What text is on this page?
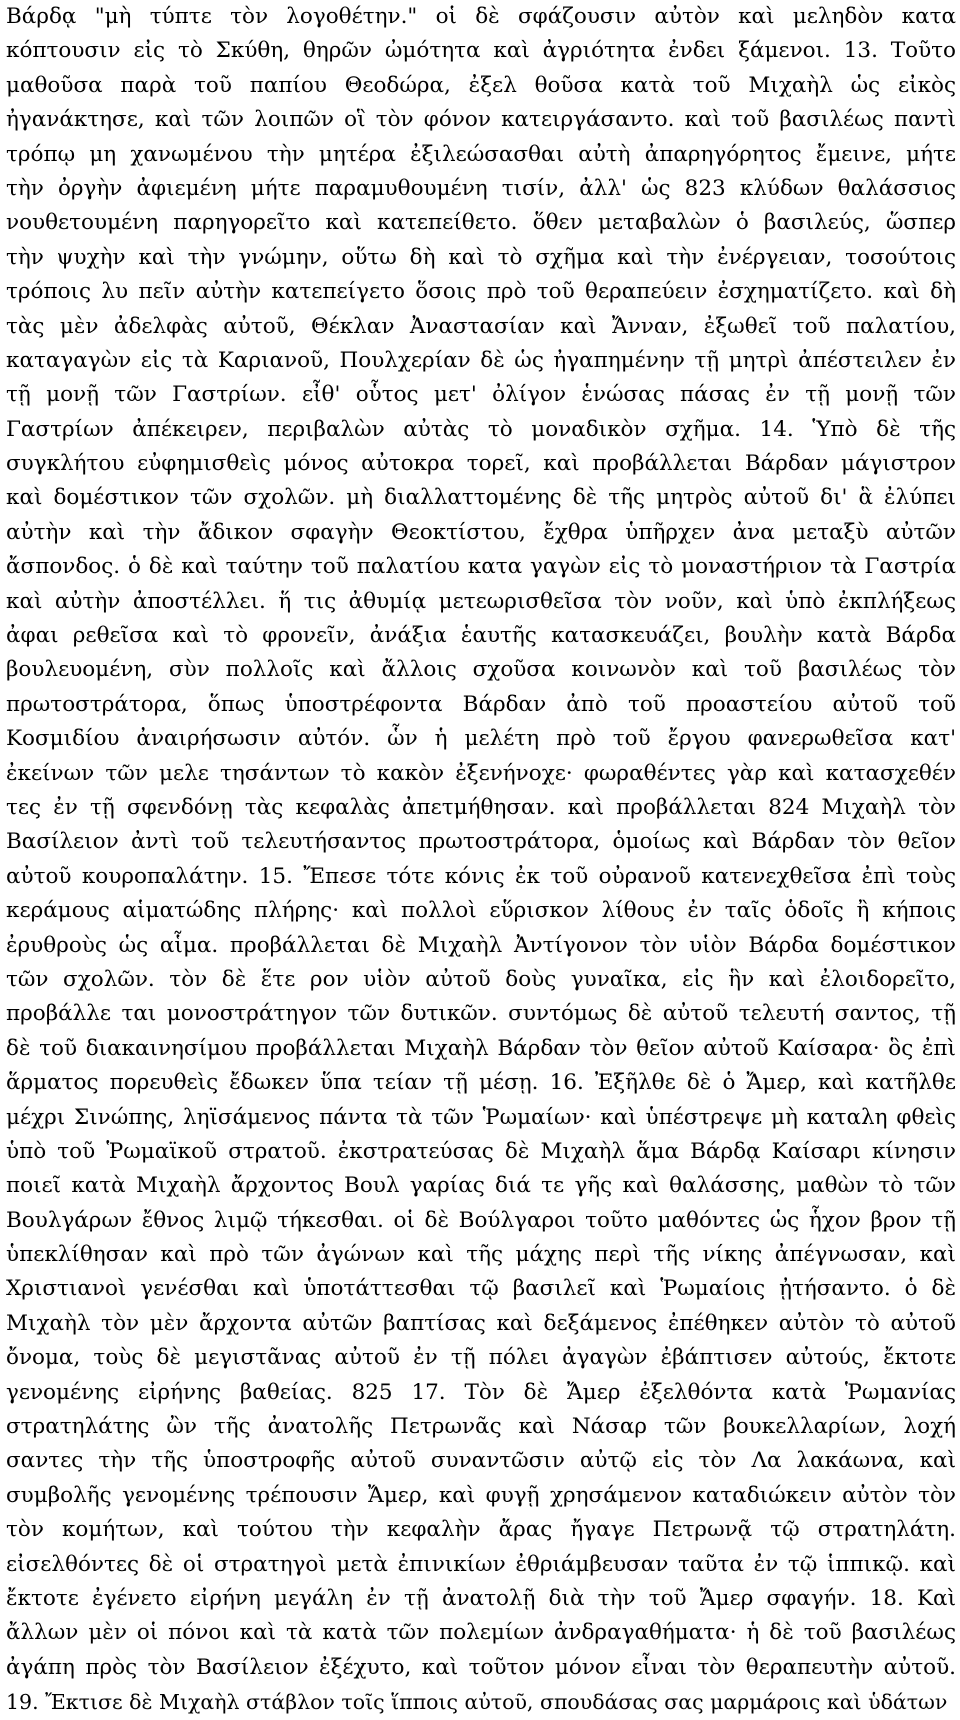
Βάρδᾳ "μὴ τύπτε τὸν λογοθέτην." οἱ δὲ σφάζουσιν αὐτὸν καὶ μεληδὸν κατα
κόπτουσιν εἰς τὸ Σκύθη, θηρῶν ὠμότητα καὶ ἀγριότητα ἐνδει ξάμενοι. 13. Τοῦτο
μαθοῦσα παρὰ τοῦ παπίου Θεοδώρα, ἐξελ θοῦσα κατὰ τοῦ Μιχαὴλ ὡς εἰκὸς
ἠγανάκτησε, καὶ τῶν λοιπῶν οἳ τὸν φόνον κατειργάσαντο. καὶ τοῦ βασιλέως παντὶ
τρόπῳ μη χανωμένου τὴν μητέρα ἐξιλεώσασθαι αὐτὴ ἀπαρηγόρητος ἔμεινε, μήτε
τὴν ὀργὴν ἀφιεμένη μήτε παραμυθουμένη τισίν, ἀλλ' ὡς 823 κλύδων θαλάσσιος
νουθετουμένη παρηγορεῖτο καὶ κατεπείθετο. ὅθεν μεταβαλὼν ὁ βασιλεύς, ὥσπερ
τὴν ψυχὴν καὶ τὴν γνώμην, οὕτω δὴ καὶ τὸ σχῆμα καὶ τὴν ἐνέργειαν, τοσούτοις
τρόποις λυ πεῖν αὐτὴν κατεπείγετο ὅσοις πρὸ τοῦ θεραπεύειν ἐσχηματίζετο. καὶ δὴ
τὰς μὲν ἀδελφὰς αὐτοῦ, Θέκλαν Ἀναστασίαν καὶ Ἄνναν, ἐξωθεῖ τοῦ παλατίου,
καταγαγὼν εἰς τὰ Καριανοῦ, Πουλχερίαν δὲ ὡς ἠγαπημένην τῇ μητρὶ ἀπέστειλεν ἐν
τῇ μονῇ τῶν Γαστρίων. εἶθ' οὗτος μετ' ὀλίγον ἑνώσας πάσας ἐν τῇ μονῇ τῶν
Γαστρίων ἀπέκειρεν, περιβαλὼν αὐτὰς τὸ μοναδικὸν σχῆμα. 14. Ὑπὸ δὲ τῆς
συγκλήτου εὐφημισθεὶς μόνος αὐτοκρα τορεῖ, καὶ προβάλλεται Βάρδαν μάγιστρον
καὶ δομέστικον τῶν σχολῶν. μὴ διαλλαττομένης δὲ τῆς μητρὸς αὐτοῦ δι' ἃ ἐλύπει
αὐτὴν καὶ τὴν ἄδικον σφαγὴν Θεοκτίστου, ἔχθρα ὑπῆρχεν ἀνα μεταξὺ αὐτῶν
ἄσπονδος. ὁ δὲ καὶ ταύτην τοῦ παλατίου κατα γαγὼν εἰς τὸ μοναστήριον τὰ Γαστρία
καὶ αὐτὴν ἀποστέλλει. ἥ τις ἀθυμίᾳ μετεωρισθεῖσα τὸν νοῦν, καὶ ὑπὸ ἐκπλήξεως
ἀφαι ρεθεῖσα καὶ τὸ φρονεῖν, ἀνάξια ἑαυτῆς κατασκευάζει, βουλὴν κατὰ Βάρδα
βουλευομένη, σὺν πολλοῖς καὶ ἄλλοις σχοῦσα κοινωνὸν καὶ τοῦ βασιλέως τὸν
πρωτοστράτορα, ὅπως ὑποστρέφοντα Βάρδαν ἀπὸ τοῦ προαστείου αὐτοῦ τοῦ
Κοσμιδίου ἀναιρήσωσιν αὐτόν. ὧν ἡ μελέτη πρὸ τοῦ ἔργου φανερωθεῖσα κατ'
ἐκείνων τῶν μελε τησάντων τὸ κακὸν ἐξενήνοχε· φωραθέντες γὰρ καὶ κατασχεθέν
τες ἐν τῇ σφενδόνῃ τὰς κεφαλὰς ἀπετμήθησαν. καὶ προβάλλεται 824 Μιχαὴλ τὸν
Βασίλειον ἀντὶ τοῦ τελευτήσαντος πρωτοστράτορα, ὁμοίως καὶ Βάρδαν τὸν θεῖον
αὐτοῦ κουροπαλάτην. 15. Ἔπεσε τότε κόνις ἐκ τοῦ οὐρανοῦ κατενεχθεῖσα ἐπὶ τοὺς
κεράμους αἱματώδης πλήρης· καὶ πολλοὶ εὕρισκον λίθους ἐν ταῖς ὁδοῖς ἢ κήποις
ἐρυθροὺς ὡς αἷμα. προβάλλεται δὲ Μιχαὴλ Ἀντίγονον τὸν υἱὸν Βάρδα δομέστικον
τῶν σχολῶν. τὸν δὲ ἕτε ρον υἱὸν αὐτοῦ δοὺς γυναῖκα, εἰς ἣν καὶ ἐλοιδορεῖτο,
προβάλλε ται μονοστράτηγον τῶν δυτικῶν. συντόμως δὲ αὐτοῦ τελευτή σαντος, τῇ
δὲ τοῦ διακαινησίμου προβάλλεται Μιχαὴλ Βάρδαν τὸν θεῖον αὐτοῦ Καίσαρα· ὃς ἐπὶ
ἅρματος πορευθεὶς ἔδωκεν ὕπα τείαν τῇ μέσῃ. 16. Ἐξῆλθε δὲ ὁ Ἄμερ, καὶ κατῆλθε
μέχρι Σινώπης, ληϊσάμενος πάντα τὰ τῶν Ῥωμαίων· καὶ ὑπέστρεψε μὴ καταλη φθεὶς
ὑπὸ τοῦ Ῥωμαϊκοῦ στρατοῦ. ἐκστρατεύσας δὲ Μιχαὴλ ἅμα Βάρδᾳ Καίσαρι κίνησιν
ποιεῖ κατὰ Μιχαὴλ ἄρχοντος Βουλ γαρίας διά τε γῆς καὶ θαλάσσης, μαθὼν τὸ τῶν
Βουλγάρων ἔθνος λιμῷ τήκεσθαι. οἱ δὲ Βούλγαροι τοῦτο μαθόντες ὡς ἧχον βρον τῇ
ὑπεκλίθησαν καὶ πρὸ τῶν ἀγώνων καὶ τῆς μάχης περὶ τῆς νίκης ἀπέγνωσαν, καὶ
Χριστιανοὶ γενέσθαι καὶ ὑποτάττεσθαι τῷ βασιλεῖ καὶ Ῥωμαίοις ᾐτήσαντο. ὁ δὲ
Μιχαὴλ τὸν μὲν ἄρχοντα αὐτῶν βαπτίσας καὶ δεξάμενος ἐπέθηκεν αὐτὸν τὸ αὐτοῦ
ὄνομα, τοὺς δὲ μεγιστᾶνας αὐτοῦ ἐν τῇ πόλει ἀγαγὼν ἐβάπτισεν αὐτούς, ἔκτοτε
γενομένης εἰρήνης βαθείας. 825 17. Τὸν δὲ Ἄμερ ἐξελθόντα κατὰ Ῥωμανίας
στρατηλάτης ὢν τῆς ἀνατολῆς Πετρωνᾶς καὶ Νάσαρ τῶν βουκελλαρίων, λοχή
σαντες τὴν τῆς ὑποστροφῆς αὐτοῦ συναντῶσιν αὐτῷ εἰς τὸν Λα λακάωνα, καὶ
συμβολῆς γενομένης τρέπουσιν Ἄμερ, καὶ φυγῇ χρησάμενον καταδιώκειν αὐτὸν τὸν
τὸν κομήτων, καὶ τούτου τὴν κεφαλὴν ἄρας ἤγαγε Πετρωνᾷ τῷ στρατηλάτη.
εἰσελθόντες δὲ οἱ στρατηγοὶ μετὰ ἐπινικίων ἐθριάμβευσαν ταῦτα ἐν τῷ ἱππικῷ. καὶ
ἔκτοτε ἐγένετο εἰρήνη μεγάλη ἐν τῇ ἀνατολῇ διὰ τὴν τοῦ Ἄμερ σφαγήν. 18. Καὶ
ἄλλων μὲν οἱ πόνοι καὶ τὰ κατὰ τῶν πολεμίων ἀνδραγαθήματα· ἡ δὲ τοῦ βασιλέως
ἀγάπη πρὸς τὸν Βασίλειον ἐξέχυτο, καὶ τοῦτον μόνον εἶναι τὸν θεραπευτὴν αὐτοῦ.
19. Ἔκτισε δὲ Μιχαὴλ στάβλον τοῖς ἵπποις αὐτοῦ, σπουδάσας σας μαρμάροις καὶ ὑδάτων
